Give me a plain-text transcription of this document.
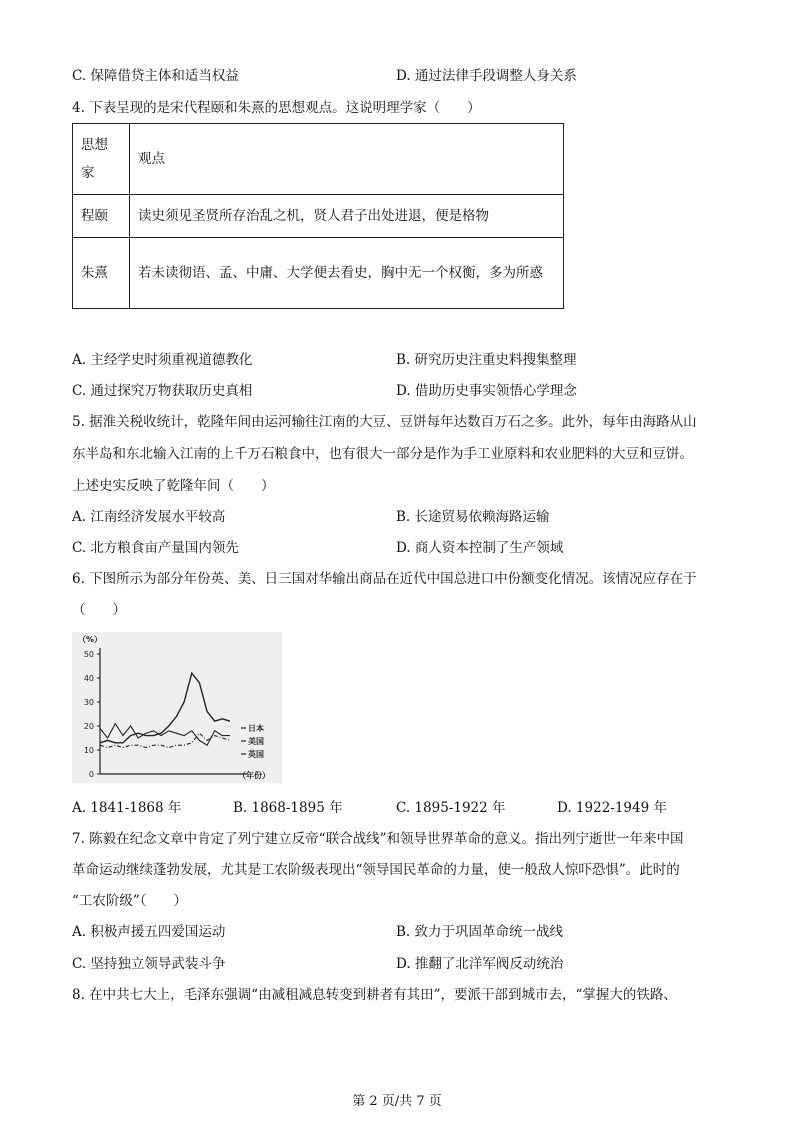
C. 保障借贷主体和适当权益	D. 通过法律手段调整人身关系
4. 下表呈现的是宋代程颐和朱熹的思想观点。这说明理学家（　　）
思想家	观点
程颐	读史须见圣贤所存治乱之机，贤人君子出处进退，便是格物
朱熹	若未读彻语、孟、中庸、大学便去看史，胸中无一个权衡，多为所惑
A. 主经学史时须重视道德教化	B. 研究历史注重史料搜集整理
C. 通过探究万物获取历史真相	D. 借助历史事实领悟心学理念
5. 据淮关税收统计，乾隆年间由运河输往江南的大豆、豆饼每年达数百万石之多。此外，每年由海路从山
东半岛和东北输入江南的上千万石粮食中，也有很大一部分是作为手工业原料和农业肥料的大豆和豆饼。
上述史实反映了乾隆年间（　　）
A. 江南经济发展水平较高	B. 长途贸易依赖海路运输
C. 北方粮食亩产量国内领先	D. 商人资本控制了生产领域
6. 下图所示为部分年份英、美、日三国对华输出商品在近代中国总进口中份额变化情况。该情况应存在于
（　　）
0
10
20
30
40
50
（%）
（年份）
日本
美国
英国
A. 1841-1868 年	B. 1868-1895 年	C. 1895-1922 年	D. 1922-1949 年
7. 陈毅在纪念文章中肯定了列宁建立反帝“联合战线”和领导世界革命的意义。指出列宁逝世一年来中国
革命运动继续蓬勃发展，尤其是工农阶级表现出“领导国民革命的力量，使一般敌人惊吓恐惧”。此时的
“工农阶级”（　　）
A. 积极声援五四爱国运动	B. 致力于巩固革命统一战线
C. 坚持独立领导武装斗争	D. 推翻了北洋军阀反动统治
8. 在中共七大上，毛泽东强调“由减租减息转变到耕者有其田”，要派干部到城市去，“掌握大的铁路、
第 2 页/共 7 页
